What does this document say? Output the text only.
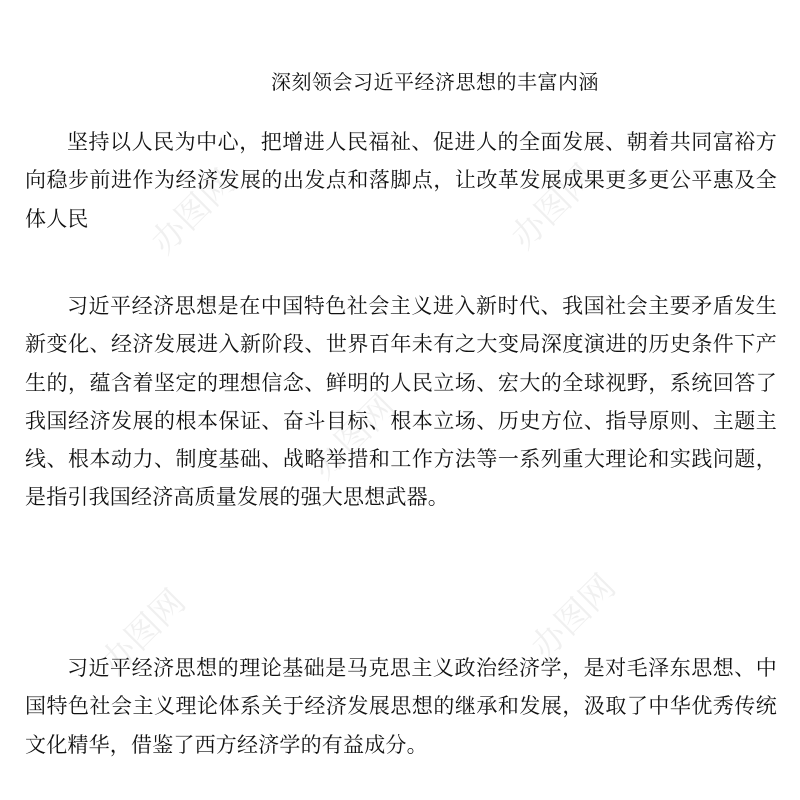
办图网	办图网
办图网
办图网	办图网
深刻领会习近平经济思想的丰富内涵
坚持以人民为中心，把增进人民福祉、促进人的全面发展、朝着共同富裕方向稳步前进作为经济发展的出发点和落脚点，让改革发展成果更多更公平惠及全体人民
习近平经济思想是在中国特色社会主义进入新时代、我国社会主要矛盾发生新变化、经济发展进入新阶段、世界百年未有之大变局深度演进的历史条件下产生的，蕴含着坚定的理想信念、鲜明的人民立场、宏大的全球视野，系统回答了我国经济发展的根本保证、奋斗目标、根本立场、历史方位、指导原则、主题主线、根本动力、制度基础、战略举措和工作方法等一系列重大理论和实践问题，是指引我国经济高质量发展的强大思想武器。
习近平经济思想的理论基础是马克思主义政治经济学，是对毛泽东思想、中国特色社会主义理论体系关于经济发展思想的继承和发展，汲取了中华优秀传统文化精华，借鉴了西方经济学的有益成分。
